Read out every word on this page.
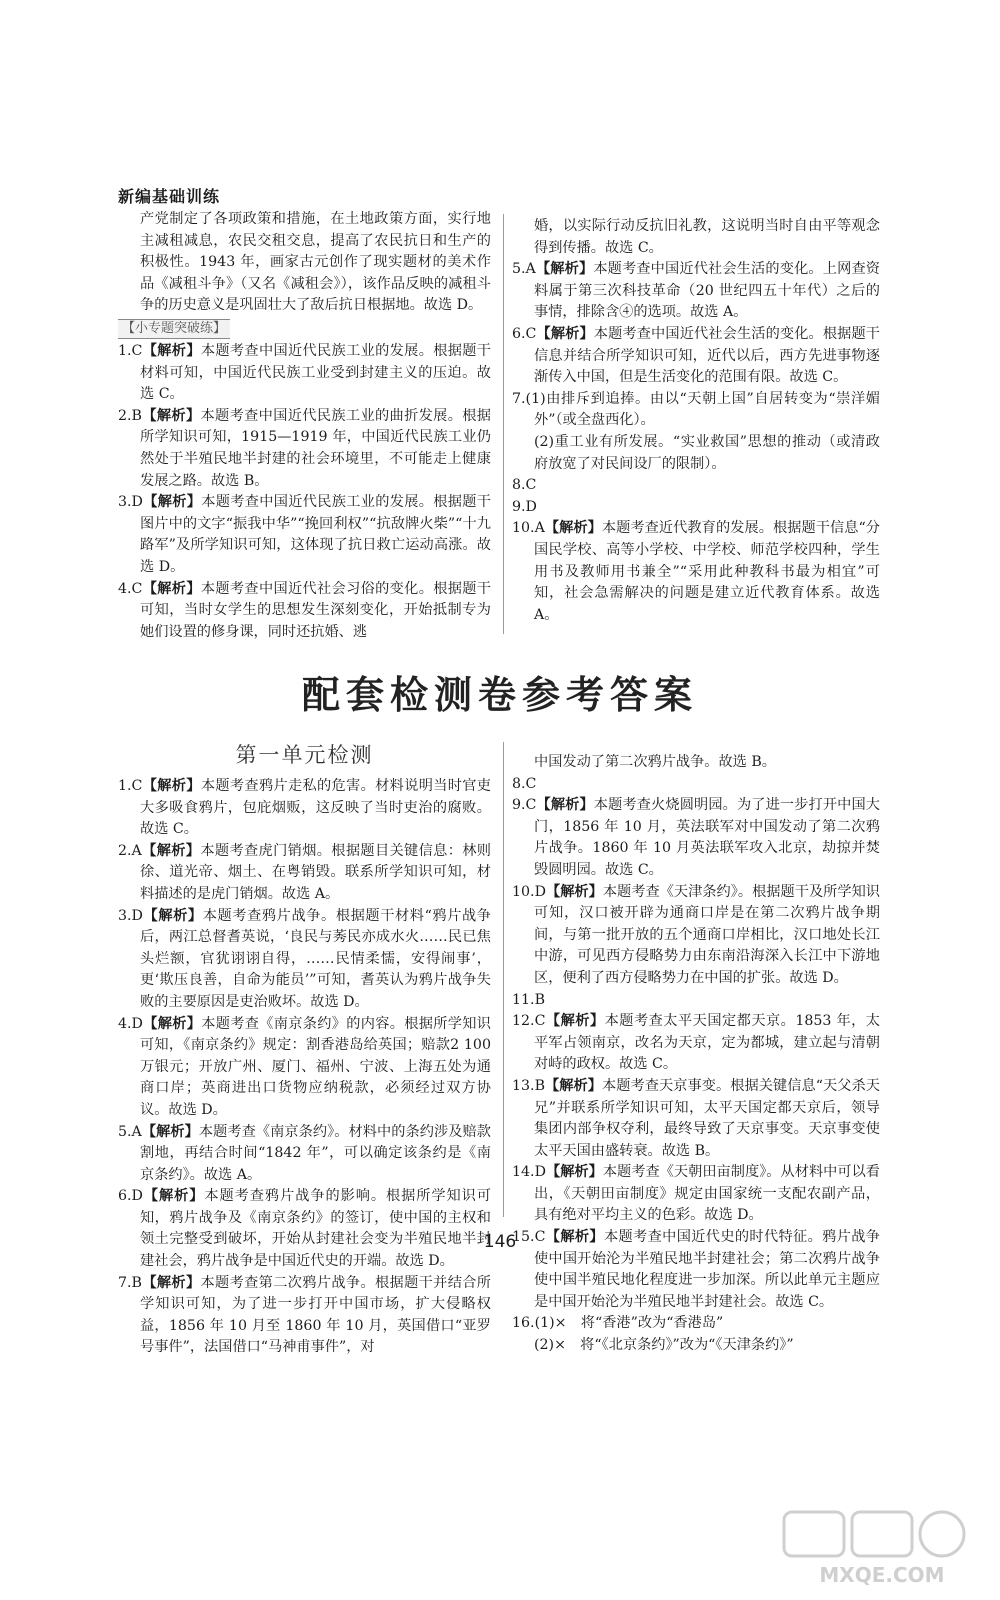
新编基础训练

产党制定了各项政策和措施，在土地政策方面，实行地主减租减息，农民交租交息，提高了农民抗日和生产的积极性。1943 年，画家古元创作了现实题材的美术作品《减租斗争》（又名《减租会》），该作品反映的减租斗争的历史意义是巩固壮大了敌后抗日根据地。故选 D。

【小专题突破练】

1.C【解析】本题考查中国近代民族工业的发展。根据题干材料可知，中国近代民族工业受到封建主义的压迫。故选 C。

2.B【解析】本题考查中国近代民族工业的曲折发展。根据所学知识可知，1915—1919 年，中国近代民族工业仍然处于半殖民地半封建的社会环境里，不可能走上健康发展之路。故选 B。

3.D【解析】本题考查中国近代民族工业的发展。根据题干图片中的文字“振我中华”“挽回利权”“抗敌牌火柴”“十九路军”及所学知识可知，这体现了抗日救亡运动高涨。故选 D。

4.C【解析】本题考查中国近代社会习俗的变化。根据题干可知，当时女学生的思想发生深刻变化，开始抵制专为她们设置的修身课，同时还抗婚、逃

婚，以实际行动反抗旧礼教，这说明当时自由平等观念得到传播。故选 C。

5.A【解析】本题考查中国近代社会生活的变化。上网查资料属于第三次科技革命（20 世纪四五十年代）之后的事情，排除含④的选项。故选 A。

6.C【解析】本题考查中国近代社会生活的变化。根据题干信息并结合所学知识可知，近代以后，西方先进事物逐渐传入中国，但是生活变化的范围有限。故选 C。

7.(1)由排斥到追捧。由以“天朝上国”自居转变为“崇洋媚外”（或全盘西化）。

(2)重工业有所发展。“实业救国”思想的推动（或清政府放宽了对民间设厂的限制）。

8.C

9.D

10.A【解析】本题考查近代教育的发展。根据题干信息“分国民学校、高等小学校、中学校、师范学校四种，学生用书及教师用书兼全”“采用此种教科书最为相宜”可知，社会急需解决的问题是建立近代教育体系。故选 A。

配套检测卷参考答案
第一单元检测

1.C【解析】本题考查鸦片走私的危害。材料说明当时官吏大多吸食鸦片，包庇烟贩，这反映了当时吏治的腐败。故选 C。

2.A【解析】本题考查虎门销烟。根据题目关键信息：林则徐、道光帝、烟土、在粤销毁。联系所学知识可知，材料描述的是虎门销烟。故选 A。

3.D【解析】本题考查鸦片战争。根据题干材料“鸦片战争后，两江总督耆英说，‘良民与莠民亦成水火……民已焦头烂额，官犹诩诩自得，……民情柔懦，安得闹事’，更‘欺压良善，自命为能员’”可知，耆英认为鸦片战争失败的主要原因是吏治败坏。故选 D。

4.D【解析】本题考查《南京条约》的内容。根据所学知识可知，《南京条约》规定：割香港岛给英国；赔款2 100万银元；开放广州、厦门、福州、宁波、上海五处为通商口岸；英商进出口货物应纳税款，必须经过双方协议。故选 D。

5.A【解析】本题考查《南京条约》。材料中的条约涉及赔款割地，再结合时间“1842 年”，可以确定该条约是《南京条约》。故选 A。

6.D【解析】本题考查鸦片战争的影响。根据所学知识可知，鸦片战争及《南京条约》的签订，使中国的主权和领土完整受到破坏，开始从封建社会变为半殖民地半封建社会，鸦片战争是中国近代史的开端。故选 D。

7.B【解析】本题考查第二次鸦片战争。根据题干并结合所学知识可知，为了进一步打开中国市场，扩大侵略权益，1856 年 10 月至 1860 年 10 月，英国借口“亚罗号事件”，法国借口“马神甫事件”，对

中国发动了第二次鸦片战争。故选 B。

8.C

9.C【解析】本题考查火烧圆明园。为了进一步打开中国大门，1856 年 10 月，英法联军对中国发动了第二次鸦片战争。1860 年 10 月英法联军攻入北京，劫掠并焚毁圆明园。故选 C。

10.D【解析】本题考查《天津条约》。根据题干及所学知识可知，汉口被开辟为通商口岸是在第二次鸦片战争期间，与第一批开放的五个通商口岸相比，汉口地处长江中游，可见西方侵略势力由东南沿海深入长江中下游地区，便利了西方侵略势力在中国的扩张。故选 D。

11.B

12.C【解析】本题考查太平天国定都天京。1853 年，太平军占领南京，改名为天京，定为都城，建立起与清朝对峙的政权。故选 C。

13.B【解析】本题考查天京事变。根据关键信息“天父杀天兄”并联系所学知识可知，太平天国定都天京后，领导集团内部争权夺利，最终导致了天京事变。天京事变使太平天国由盛转衰。故选 B。

14.D【解析】本题考查《天朝田亩制度》。从材料中可以看出，《天朝田亩制度》规定由国家统一支配农副产品，具有绝对平均主义的色彩。故选 D。

15.C【解析】本题考查中国近代史的时代特征。鸦片战争使中国开始沦为半殖民地半封建社会；第二次鸦片战争使中国半殖民地化程度进一步加深。所以此单元主题应是中国开始沦为半殖民地半封建社会。故选 C。

16.(1)×　将“香港”改为“香港岛”

(2)×　将“《北京条约》”改为“《天津条约》”

146
MXQE.COM
